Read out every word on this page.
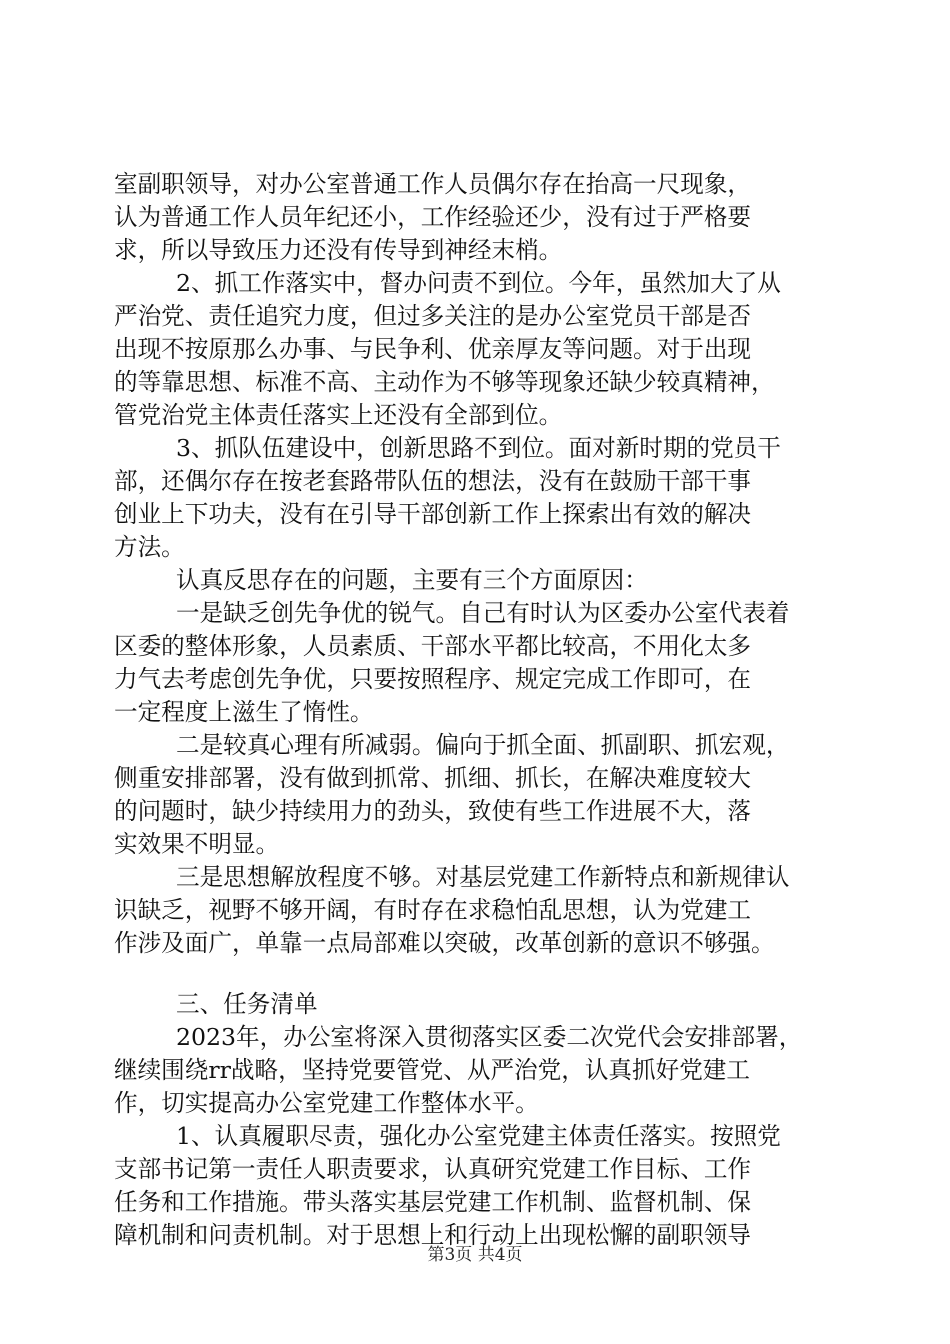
室副职领导，对办公室普通工作人员偶尔存在抬高一尺现象，
认为普通工作人员年纪还小，工作经验还少，没有过于严格要
求，所以导致压力还没有传导到神经末梢。
2、抓工作落实中，督办问责不到位。今年，虽然加大了从
严治党、责任追究力度，但过多关注的是办公室党员干部是否
出现不按原那么办事、与民争利、优亲厚友等问题。对于出现
的等靠思想、标准不高、主动作为不够等现象还缺少较真精神，
管党治党主体责任落实上还没有全部到位。
3、抓队伍建设中，创新思路不到位。面对新时期的党员干
部，还偶尔存在按老套路带队伍的想法，没有在鼓励干部干事
创业上下功夫，没有在引导干部创新工作上探索出有效的解决
方法。
认真反思存在的问题，主要有三个方面原因：
一是缺乏创先争优的锐气。自己有时认为区委办公室代表着
区委的整体形象，人员素质、干部水平都比较高，不用化太多
力气去考虑创先争优，只要按照程序、规定完成工作即可，在
一定程度上滋生了惰性。
二是较真心理有所减弱。偏向于抓全面、抓副职、抓宏观，
侧重安排部署，没有做到抓常、抓细、抓长，在解决难度较大
的问题时，缺少持续用力的劲头，致使有些工作进展不大，落
实效果不明显。
三是思想解放程度不够。对基层党建工作新特点和新规律认
识缺乏，视野不够开阔，有时存在求稳怕乱思想，认为党建工
作涉及面广，单靠一点局部难以突破，改革创新的意识不够强。
三、任务清单
2023年，办公室将深入贯彻落实区委二次党代会安排部署，
继续围绕rr战略，坚持党要管党、从严治党，认真抓好党建工
作，切实提高办公室党建工作整体水平。
1、认真履职尽责，强化办公室党建主体责任落实。按照党
支部书记第一责任人职责要求，认真研究党建工作目标、工作
任务和工作措施。带头落实基层党建工作机制、监督机制、保
障机制和问责机制。对于思想上和行动上出现松懈的副职领导
第3页 共4页
